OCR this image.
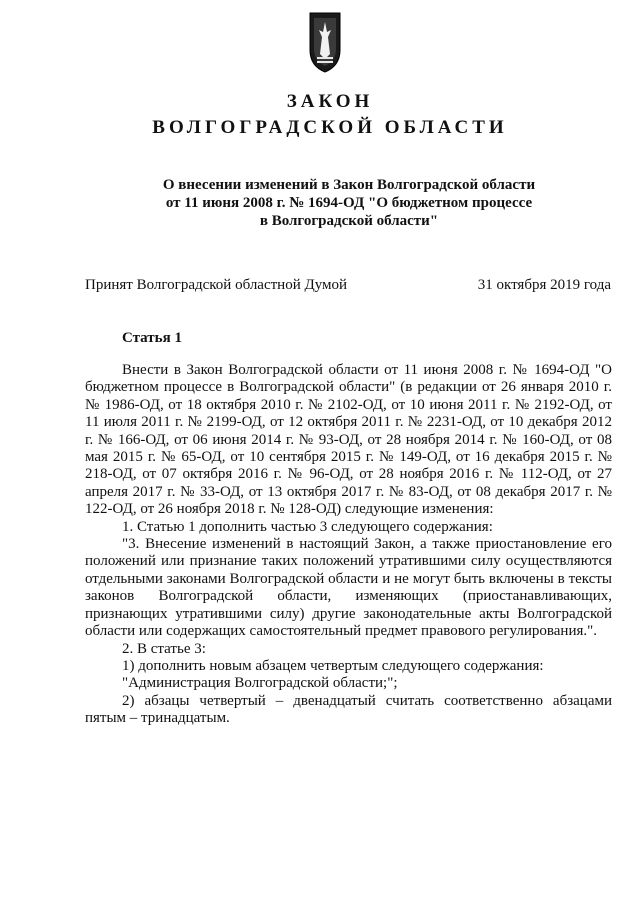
ЗАКОН
ВОЛГОГРАДСКОЙ ОБЛАСТИ
О внесении изменений в Закон Волгоградской области
от 11 июня 2008 г. № 1694-ОД "О бюджетном процессе
в Волгоградской области"
Принят Волгоградской областной Думой	31 октября 2019 года
Статья 1

Внести в Закон Волгоградской области от 11 июня 2008 г. № 1694-ОД "О бюджетном процессе в Волгоградской области" (в редакции от 26 января 2010 г. № 1986-ОД, от 18 октября 2010 г. № 2102-ОД, от 10 июня 2011 г. № 2192-ОД, от 11 июля 2011 г. № 2199-ОД, от 12 октября 2011 г. № 2231-ОД, от 10 декабря 2012 г. № 166-ОД, от 06 июня 2014 г. № 93-ОД, от 28 ноября 2014 г. № 160-ОД, от 08 мая 2015 г. № 65-ОД, от 10 сентября 2015 г. № 149-ОД, от 16 декабря 2015 г. № 218-ОД, от 07 октября 2016 г. № 96-ОД, от 28 ноября 2016 г. № 112-ОД, от 27 апреля 2017 г. № 33-ОД, от 13 октября 2017 г. № 83-ОД, от 08 декабря 2017 г. № 122-ОД, от 26 ноября 2018 г. № 128-ОД) следующие изменения:

1. Статью 1 дополнить частью 3 следующего содержания:

"3. Внесение изменений в настоящий Закон, а также приостановление его положений или признание таких положений утратившими силу осуществляются отдельными законами Волгоградской области и не могут быть включены в тексты законов Волгоградской области, изменяющих (приостанавливающих, признающих утратившими силу) другие законодательные акты Волгоградской области или содержащих самостоятельный предмет правового регулирования.".

2. В статье 3:

1) дополнить новым абзацем четвертым следующего содержания:

"Администрация Волгоградской области;";

2) абзацы четвертый – двенадцатый считать соответственно абзацами пятым – тринадцатым.
